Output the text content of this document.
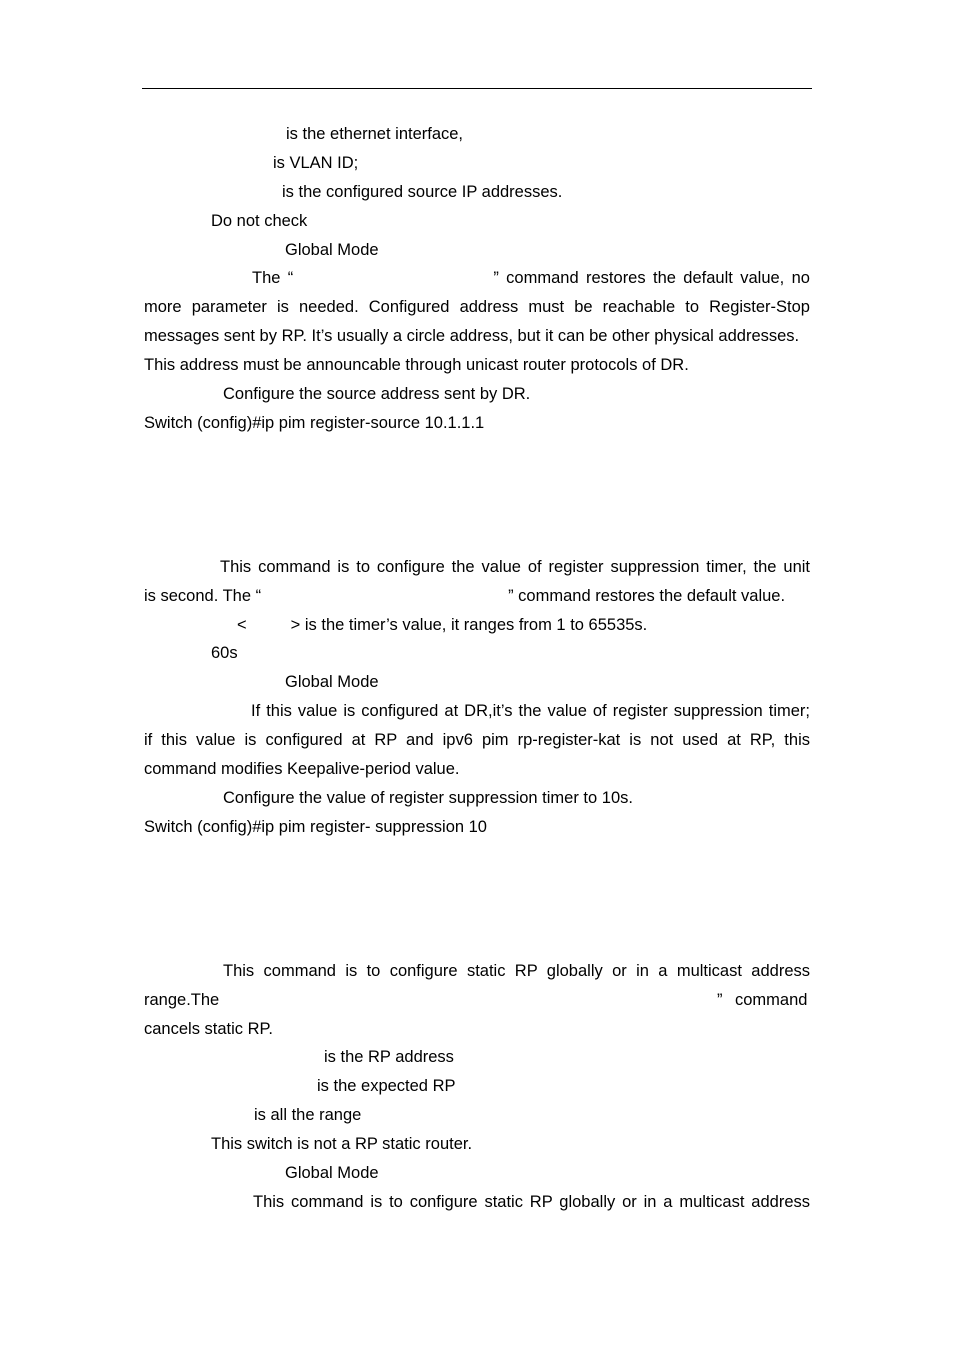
is the ethernet interface,
is VLAN ID;
is the configured source IP addresses.
Do not check
Global Mode
The “	” command restores the default value, no
more parameter is needed. Configured address must be reachable to Register-Stop
messages sent by RP. It’s usually a circle address, but it can be other physical addresses.
This address must be announcable through unicast router protocols of DR.
Configure the source address sent by DR.
Switch (config)#ip pim register-source 10.1.1.1
This command is to configure the value of register suppression timer, the unit
is second. The “	” command restores the default value.
<	> is the timer’s value, it ranges from 1 to 65535s.
60s
Global Mode
If this value is configured at DR,it’s the value of register suppression timer;
if this value is configured at RP and ipv6 pim rp-register-kat is not used at RP, this
command modifies Keepalive-period value.
Configure the value of register suppression timer to 10s.
Switch (config)#ip pim register- suppression 10
This command is to configure static RP globally or in a multicast address
range.The	” command
cancels static RP.
is the RP address
is the expected RP
is all the range
This switch is not a RP static router.
Global Mode
This command is to configure static RP globally or in a multicast address
